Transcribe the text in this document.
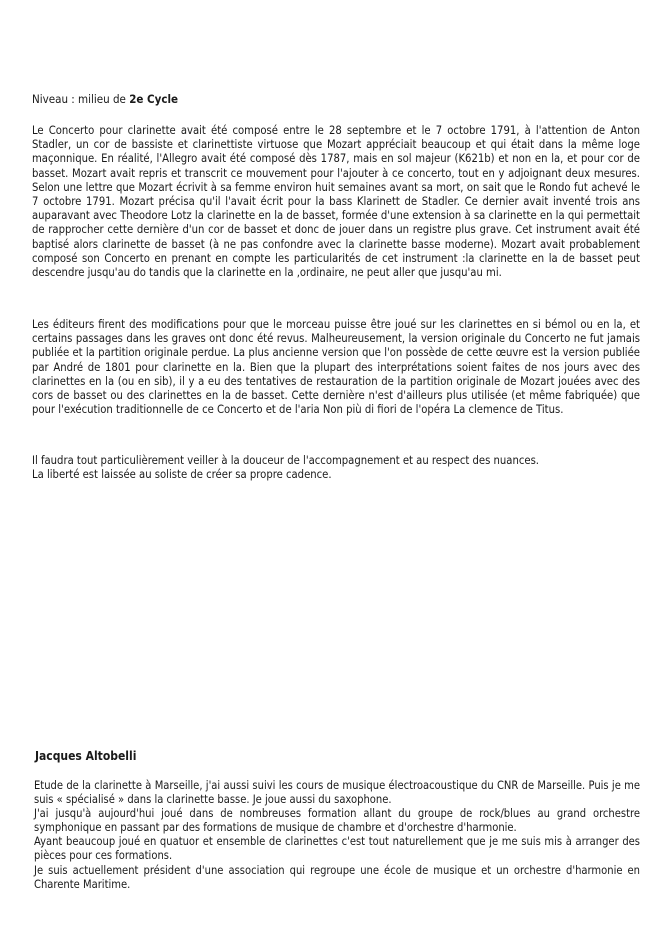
Niveau : milieu de 2e Cycle
Le Concerto pour clarinette avait été composé entre le 28 septembre et le 7 octobre 1791, à l'attention de Anton Stadler, un cor de bassiste et clarinettiste virtuose que Mozart appréciait beaucoup et qui était dans la même loge maçonnique. En réalité, l'Allegro avait été composé dès 1787, mais en sol majeur (K621b) et non en la, et pour cor de basset. Mozart avait repris et transcrit ce mouvement pour l'ajouter à ce concerto, tout en y adjoignant deux mesures. Selon une lettre que Mozart écrivit à sa femme environ huit semaines avant sa mort, on sait que le Rondo fut achevé le 7 octobre 1791. Mozart précisa qu'il l'avait écrit pour la bass Klarinett de Stadler. Ce dernier avait inventé trois ans auparavant avec Theodore Lotz la clarinette en la de basset, formée d'une extension à sa clarinette en la qui permettait de rapprocher cette dernière d'un cor de basset et donc de jouer dans un registre plus grave. Cet instrument avait été baptisé alors clarinette de basset (à ne pas confondre avec la clarinette basse moderne). Mozart avait probablement composé son Concerto en prenant en compte les particularités de cet instrument :la clarinette en la de basset peut descendre jusqu'au do tandis que la clarinette en la ,ordinaire, ne peut aller que jusqu'au mi.
Les éditeurs firent des modifications pour que le morceau puisse être joué sur les clarinettes en si bémol ou en la, et certains passages dans les graves ont donc été revus. Malheureusement, la version originale du Concerto ne fut jamais publiée et la partition originale perdue. La plus ancienne version que l'on possède de cette œuvre est la version publiée par André de 1801 pour clarinette en la. Bien que la plupart des interprétations soient faites de nos jours avec des clarinettes en la (ou en sib), il y a eu des tentatives de restauration de la partition originale de Mozart jouées avec des cors de basset ou des clarinettes en la de basset. Cette dernière n'est d'ailleurs plus utilisée (et même fabriquée) que pour l'exécution traditionnelle de ce Concerto et de l'aria Non più di fiori de l'opéra La clemence de Titus.
Il faudra tout particulièrement veiller à la douceur de l'accompagnement et au respect des nuances.
La liberté est laissée au soliste de créer sa propre cadence.
Jacques Altobelli
Etude de la clarinette à Marseille, j'ai aussi suivi les cours de musique électroacoustique du CNR de Marseille. Puis je me suis « spécialisé » dans la clarinette basse. Je joue aussi du saxophone.
J'ai jusqu'à aujourd'hui joué dans de nombreuses formation allant du groupe de rock/blues au grand orchestre symphonique en passant par des formations de musique de chambre et d'orchestre d'harmonie.
Ayant beaucoup joué en quatuor et ensemble de clarinettes c'est tout naturellement que je me suis mis à arranger des pièces pour ces formations.
Je suis actuellement président d'une association qui regroupe une école de musique et un orchestre d'harmonie en Charente Maritime.
